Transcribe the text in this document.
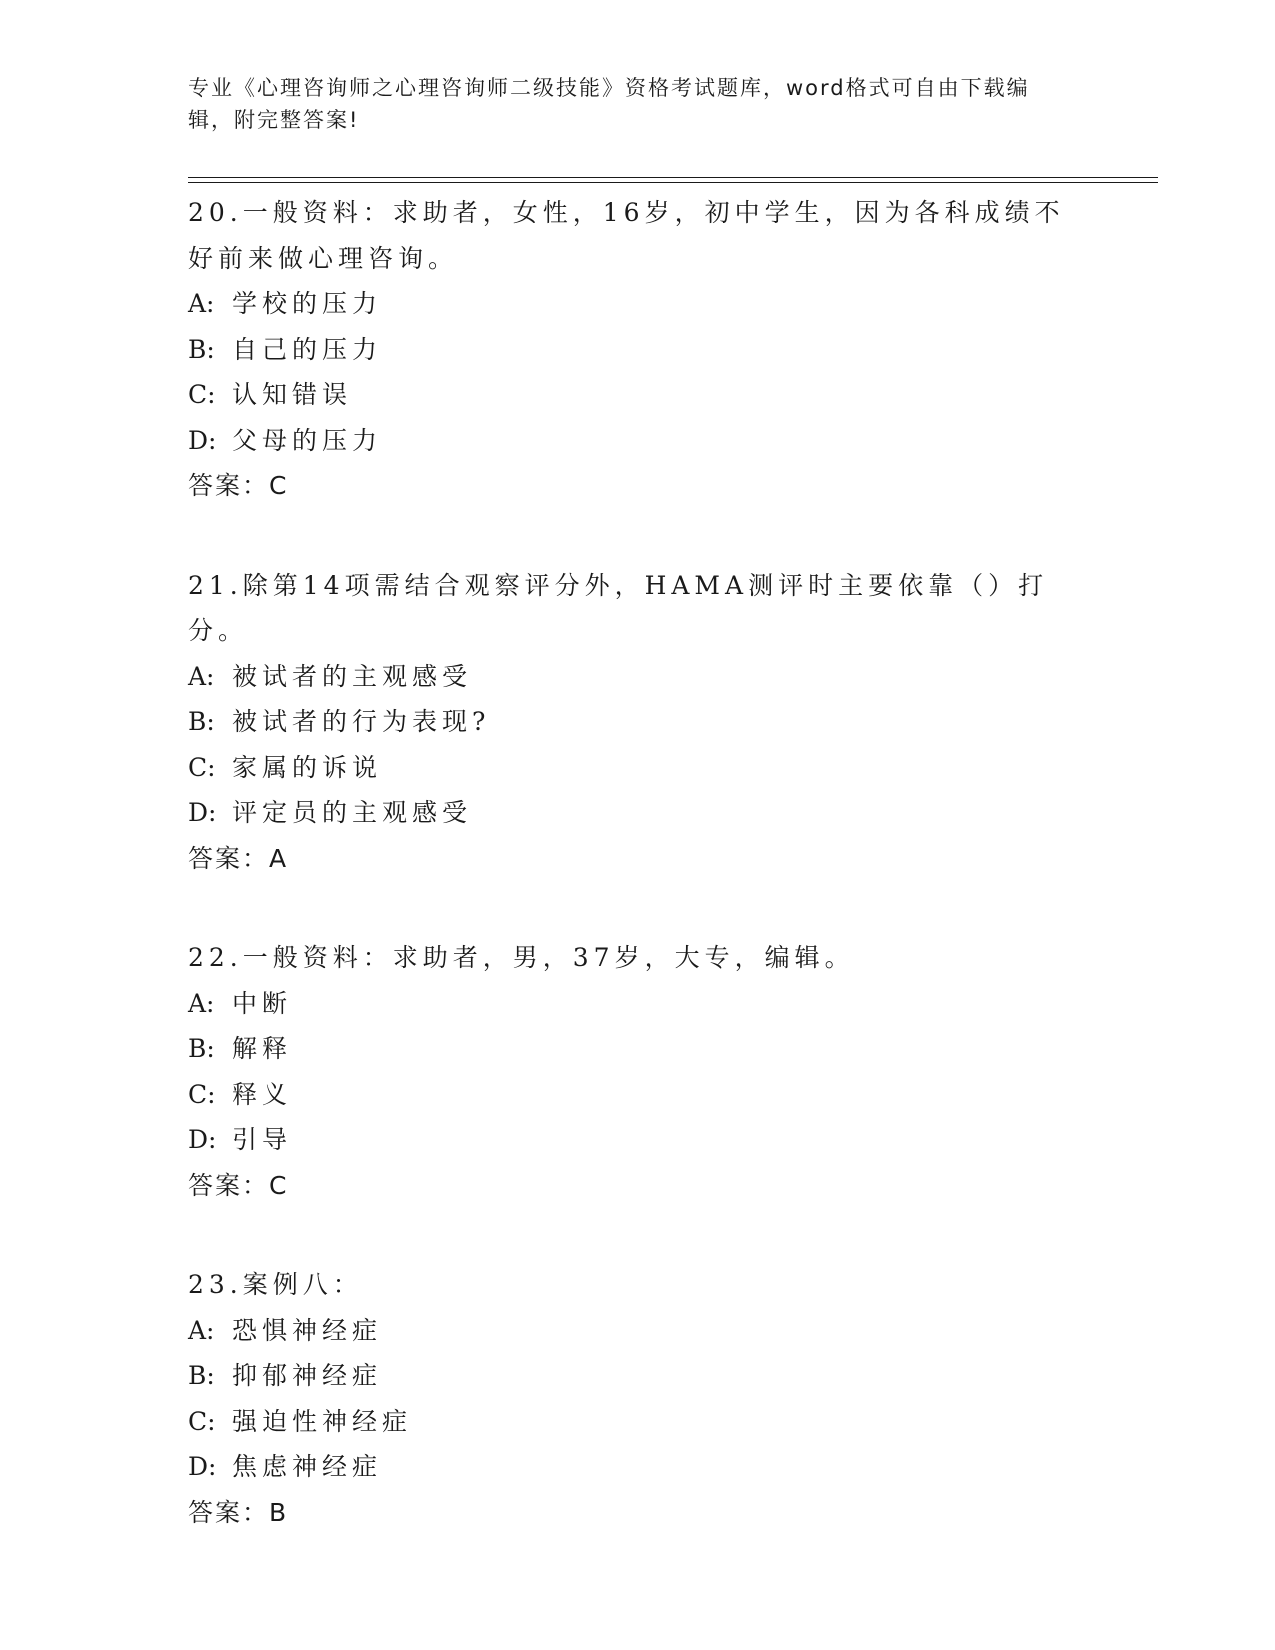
专业《心理咨询师之心理咨询师二级技能》资格考试题库，word格式可自由下载编辑，附完整答案!
20.一般资料：求助者，女性，16岁，初中学生，因为各科成绩不好前来做心理咨询。
A: 学校的压力
B: 自己的压力
C: 认知错误
D: 父母的压力
答案：C
21.除第14项需结合观察评分外，HAMA测评时主要依靠（）打分。
A: 被试者的主观感受
B: 被试者的行为表现?
C: 家属的诉说
D: 评定员的主观感受
答案：A
22.一般资料：求助者，男，37岁，大专，编辑。
A: 中断
B: 解释
C: 释义
D: 引导
答案：C
23.案例八：
A: 恐惧神经症
B: 抑郁神经症
C: 强迫性神经症
D: 焦虑神经症
答案：B
